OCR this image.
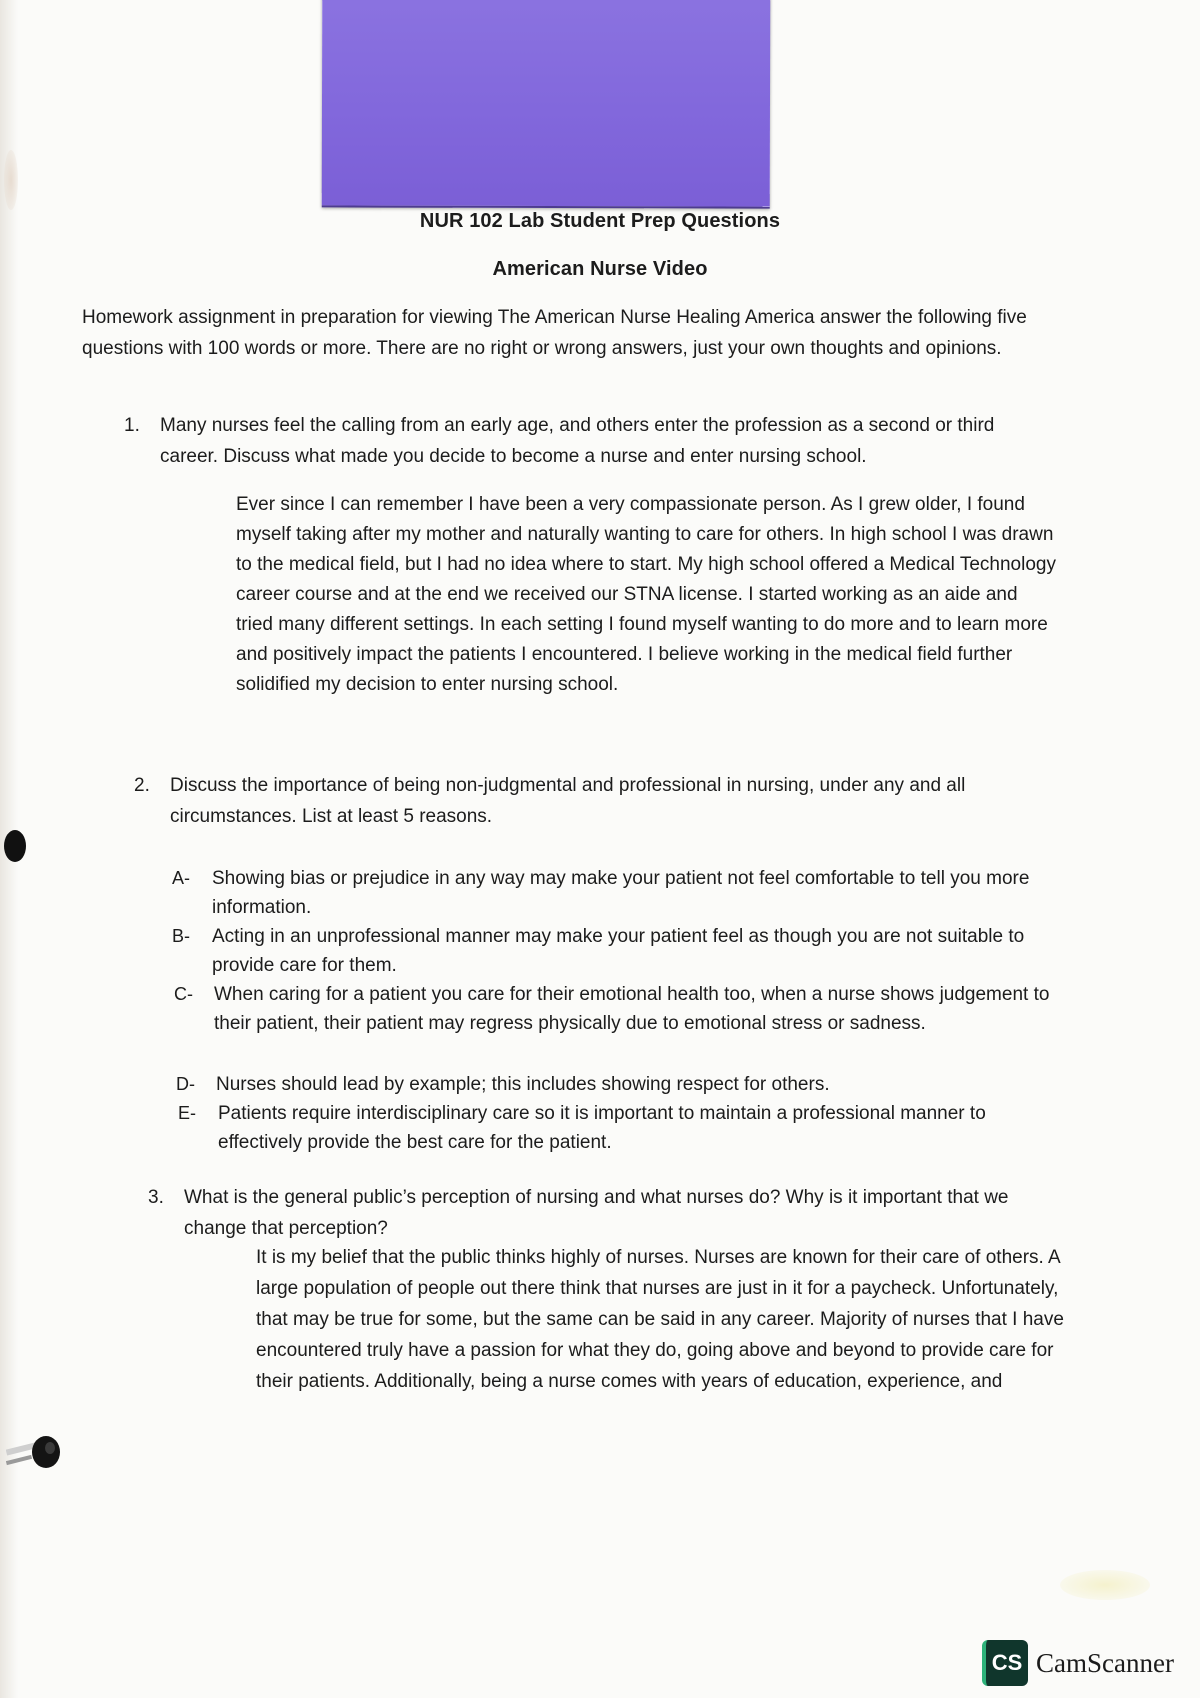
NUR 102 Lab Student Prep Questions
American Nurse Video
Homework assignment in preparation for viewing The American Nurse Healing America answer the following five questions with 100 words or more. There are no right or wrong answers, just your own thoughts and opinions.
1. Many nurses feel the calling from an early age, and others enter the profession as a second or third career. Discuss what made you decide to become a nurse and enter nursing school.
Ever since I can remember I have been a very compassionate person. As I grew older, I found myself taking after my mother and naturally wanting to care for others. In high school I was drawn to the medical field, but I had no idea where to start. My high school offered a Medical Technology career course and at the end we received our STNA license. I started working as an aide and tried many different settings. In each setting I found myself wanting to do more and to learn more and positively impact the patients I encountered. I believe working in the medical field further solidified my decision to enter nursing school.
2. Discuss the importance of being non-judgmental and professional in nursing, under any and all circumstances. List at least 5 reasons.
A- Showing bias or prejudice in any way may make your patient not feel comfortable to tell you more information.
B- Acting in an unprofessional manner may make your patient feel as though you are not suitable to provide care for them.
C- When caring for a patient you care for their emotional health too, when a nurse shows judgement to their patient, their patient may regress physically due to emotional stress or sadness.
D- Nurses should lead by example; this includes showing respect for others.
E- Patients require interdisciplinary care so it is important to maintain a professional manner to effectively provide the best care for the patient.
3. What is the general public’s perception of nursing and what nurses do? Why is it important that we change that perception?
It is my belief that the public thinks highly of nurses. Nurses are known for their care of others. A large population of people out there think that nurses are just in it for a paycheck. Unfortunately, that may be true for some, but the same can be said in any career. Majority of nurses that I have encountered truly have a passion for what they do, going above and beyond to provide care for their patients. Additionally, being a nurse comes with years of education, experience, and
CS CamScanner
